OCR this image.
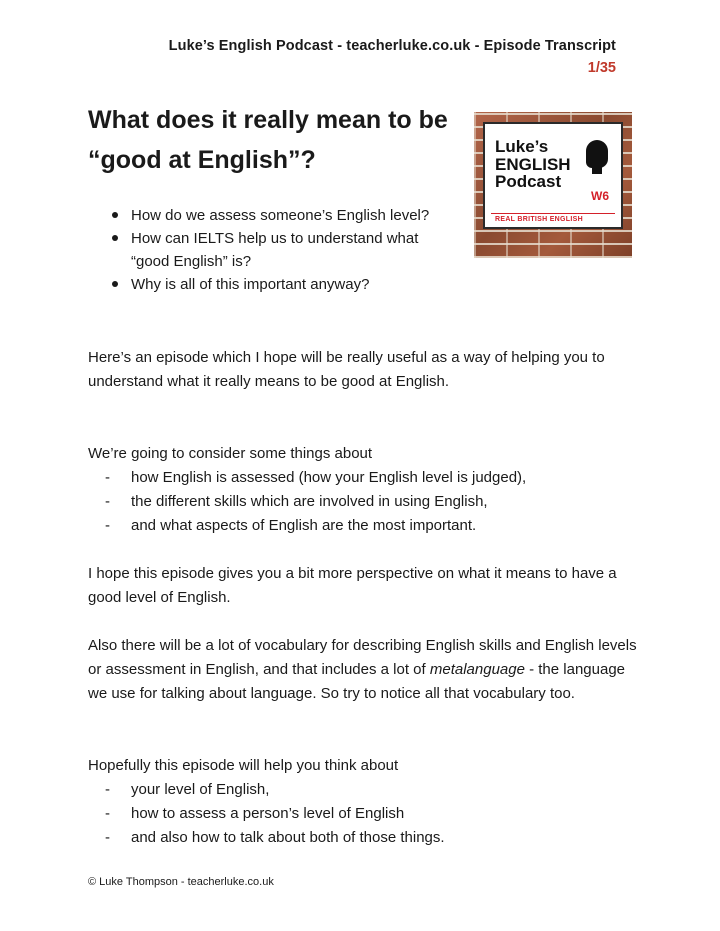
Luke’s English Podcast - teacherluke.co.uk - Episode Transcript
1/35
What does it really mean to be “good at English”?	Luke’s
ENGLISH
Podcast
W6
REAL BRITISH ENGLISH
How do we assess someone’s English level?
How can IELTS help us to understand what “good English” is?
Why is all of this important anyway?

Here’s an episode which I hope will be really useful as a way of helping you to understand what it really means to be good at English.

We’re going to consider some things about

- how English is assessed (how your English level is judged),
- the different skills which are involved in using English,
- and what aspects of English are the most important.

I hope this episode gives you a bit more perspective on what it means to have a good level of English.

Also there will be a lot of vocabulary for describing English skills and English levels or assessment in English, and that includes a lot of metalanguage - the language we use for talking about language. So try to notice all that vocabulary too.

Hopefully this episode will help you think about

- your level of English,
- how to assess a person’s level of English
- and also how to talk about both of those things.
© Luke Thompson - teacherluke.co.uk
